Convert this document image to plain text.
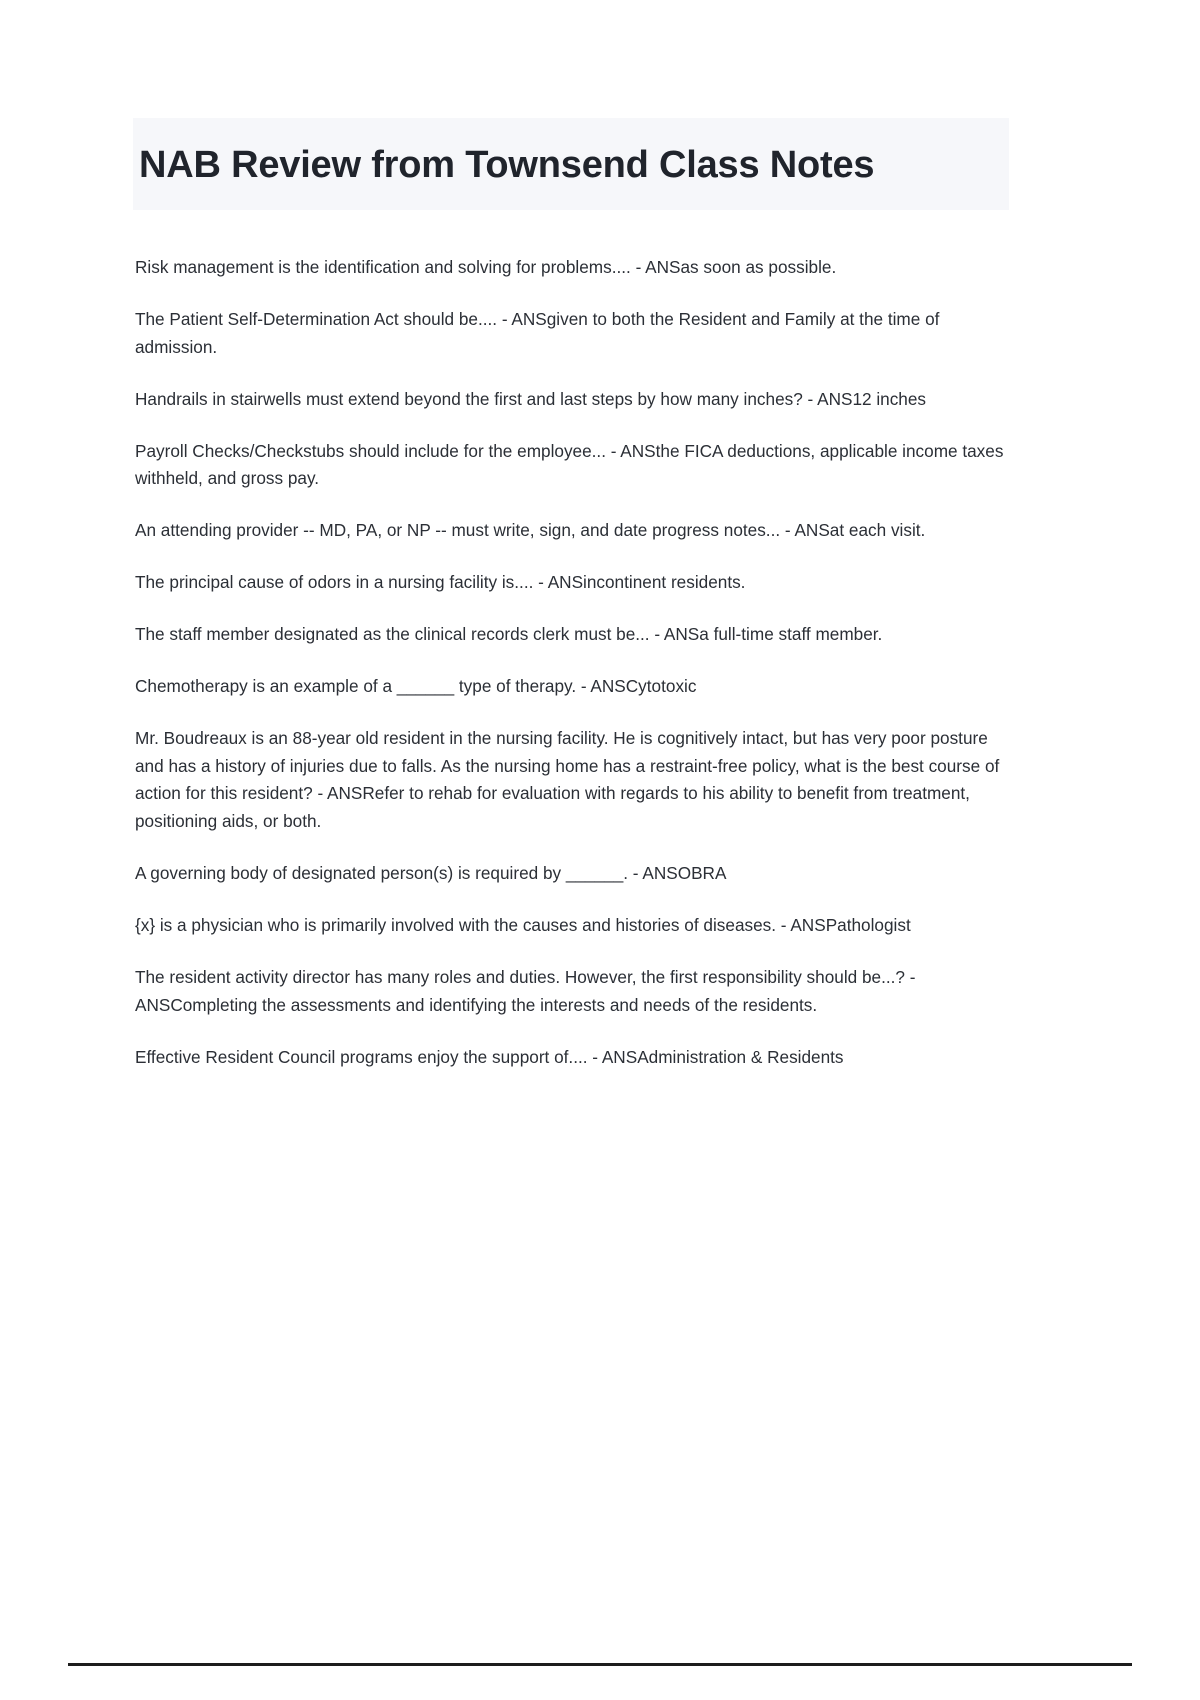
NAB Review from Townsend Class Notes

Risk management is the identification and solving for problems.... - ANSas soon as possible.

The Patient Self-Determination Act should be.... - ANSgiven to both the Resident and Family at the time of admission.

Handrails in stairwells must extend beyond the first and last steps by how many inches? - ANS12 inches

Payroll Checks/Checkstubs should include for the employee... - ANSthe FICA deductions, applicable income taxes withheld, and gross pay.

An attending provider -- MD, PA, or NP -- must write, sign, and date progress notes... - ANSat each visit.

The principal cause of odors in a nursing facility is.... - ANSincontinent residents.

The staff member designated as the clinical records clerk must be... - ANSa full-time staff member.

Chemotherapy is an example of a ______ type of therapy. - ANSCytotoxic

Mr. Boudreaux is an 88-year old resident in the nursing facility. He is cognitively intact, but has very poor posture and has a history of injuries due to falls. As the nursing home has a restraint-free policy, what is the best course of action for this resident? - ANSRefer to rehab for evaluation with regards to his ability to benefit from treatment, positioning aids, or both.

A governing body of designated person(s) is required by ______. - ANSOBRA

{x} is a physician who is primarily involved with the causes and histories of diseases. - ANSPathologist

The resident activity director has many roles and duties. However, the first responsibility should be...? - ANSCompleting the assessments and identifying the interests and needs of the residents.

Effective Resident Council programs enjoy the support of.... - ANSAdministration & Residents
